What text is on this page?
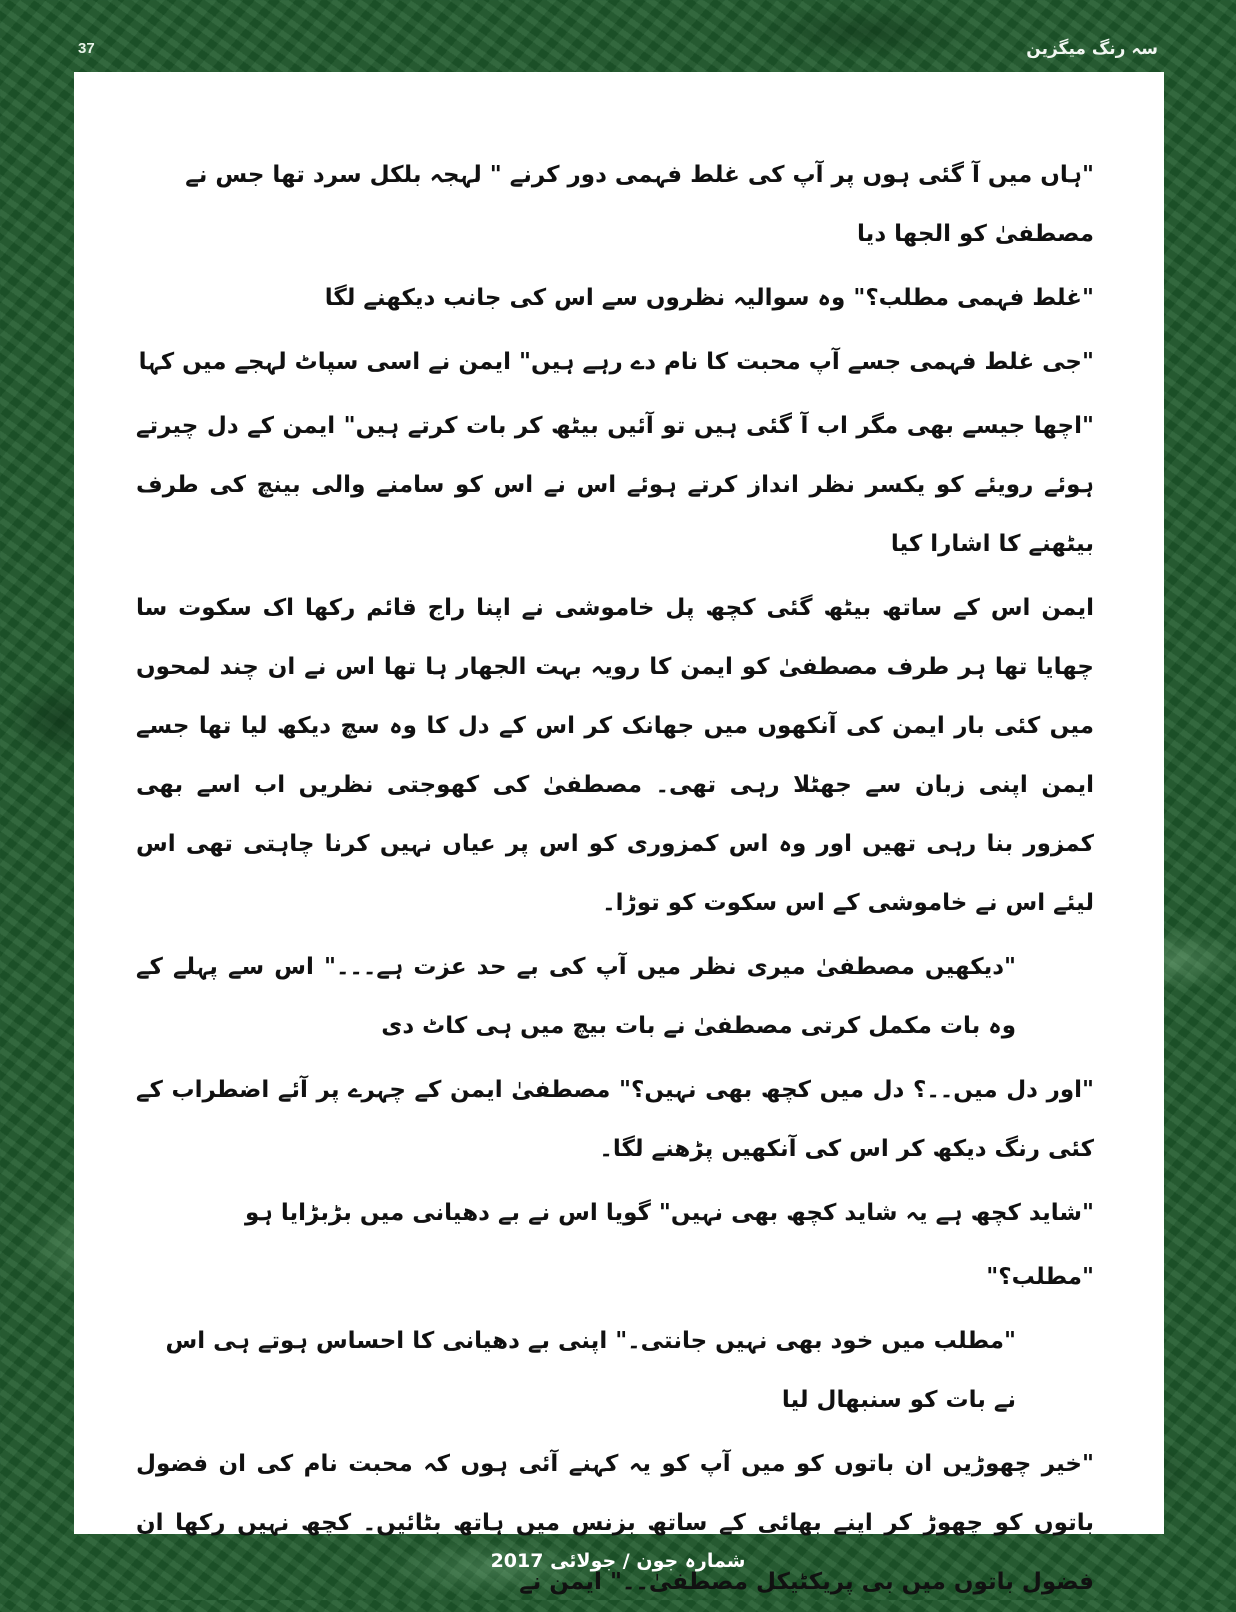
37	سہ رنگ میگزین

"ہاں میں آ گئی ہوں پر آپ کی غلط فہمی دور کرنے " لہجہ بلکل سرد تھا جس نے مصطفیٰ کو الجھا دیا

"غلط فہمی مطلب؟" وہ سوالیہ نظروں سے اس کی جانب دیکھنے لگا

"جی غلط فہمی جسے آپ محبت کا نام دے رہے ہیں" ایمن نے اسی سپاٹ لہجے میں کہا

"اچھا جیسے بھی مگر اب آ گئی ہیں تو آئیں بیٹھ کر بات کرتے ہیں" ایمن کے دل چیرتے ہوئے رویئے کو یکسر نظر انداز کرتے ہوئے اس نے اس کو سامنے والی بینچ کی طرف بیٹھنے کا اشارا کیا

ایمن اس کے ساتھ بیٹھ گئی کچھ پل خاموشی نے اپنا راج قائم رکھا اک سکوت سا چھایا تھا ہر طرف مصطفیٰ کو ایمن کا رویہ بہت الجھار ہا تھا اس نے ان چند لمحوں میں کئی بار ایمن کی آنکھوں میں جھانک کر اس کے دل کا وہ سچ دیکھ لیا تھا جسے ایمن اپنی زبان سے جھٹلا رہی تھی۔ مصطفیٰ کی کھوجتی نظریں اب اسے بھی کمزور بنا رہی تھیں اور وہ اس کمزوری کو اس پر عیاں نہیں کرنا چاہتی تھی اس لیئے اس نے خاموشی کے اس سکوت کو توڑا۔

"دیکھیں مصطفیٰ میری نظر میں آپ کی بے حد عزت ہے۔۔۔" اس سے پہلے کے وہ بات مکمل کرتی مصطفیٰ نے بات بیچ میں ہی کاٹ دی

"اور دل میں۔۔؟ دل میں کچھ بھی نہیں؟" مصطفیٰ ایمن کے چہرے پر آئے اضطراب کے کئی رنگ دیکھ کر اس کی آنکھیں پڑھنے لگا۔

"شاید کچھ ہے یہ شاید کچھ بھی نہیں" گویا اس نے بے دھیانی میں بڑبڑایا ہو

"مطلب؟"

"مطلب میں خود بھی نہیں جانتی۔" اپنی بے دھیانی کا احساس ہوتے ہی اس نے بات کو سنبھال لیا

"خیر چھوڑیں ان باتوں کو میں آپ کو یہ کہنے آئی ہوں کہ محبت نام کی ان فضول باتوں کو چھوڑ کر اپنے بھائی کے ساتھ بزنس میں ہاتھ بٹائیں۔ کچھ نہیں رکھا ان فضول باتوں میں بی پریکٹیکل مصطفیٰ۔۔" ایمن نے

شمارہ جون / جولائی 2017
